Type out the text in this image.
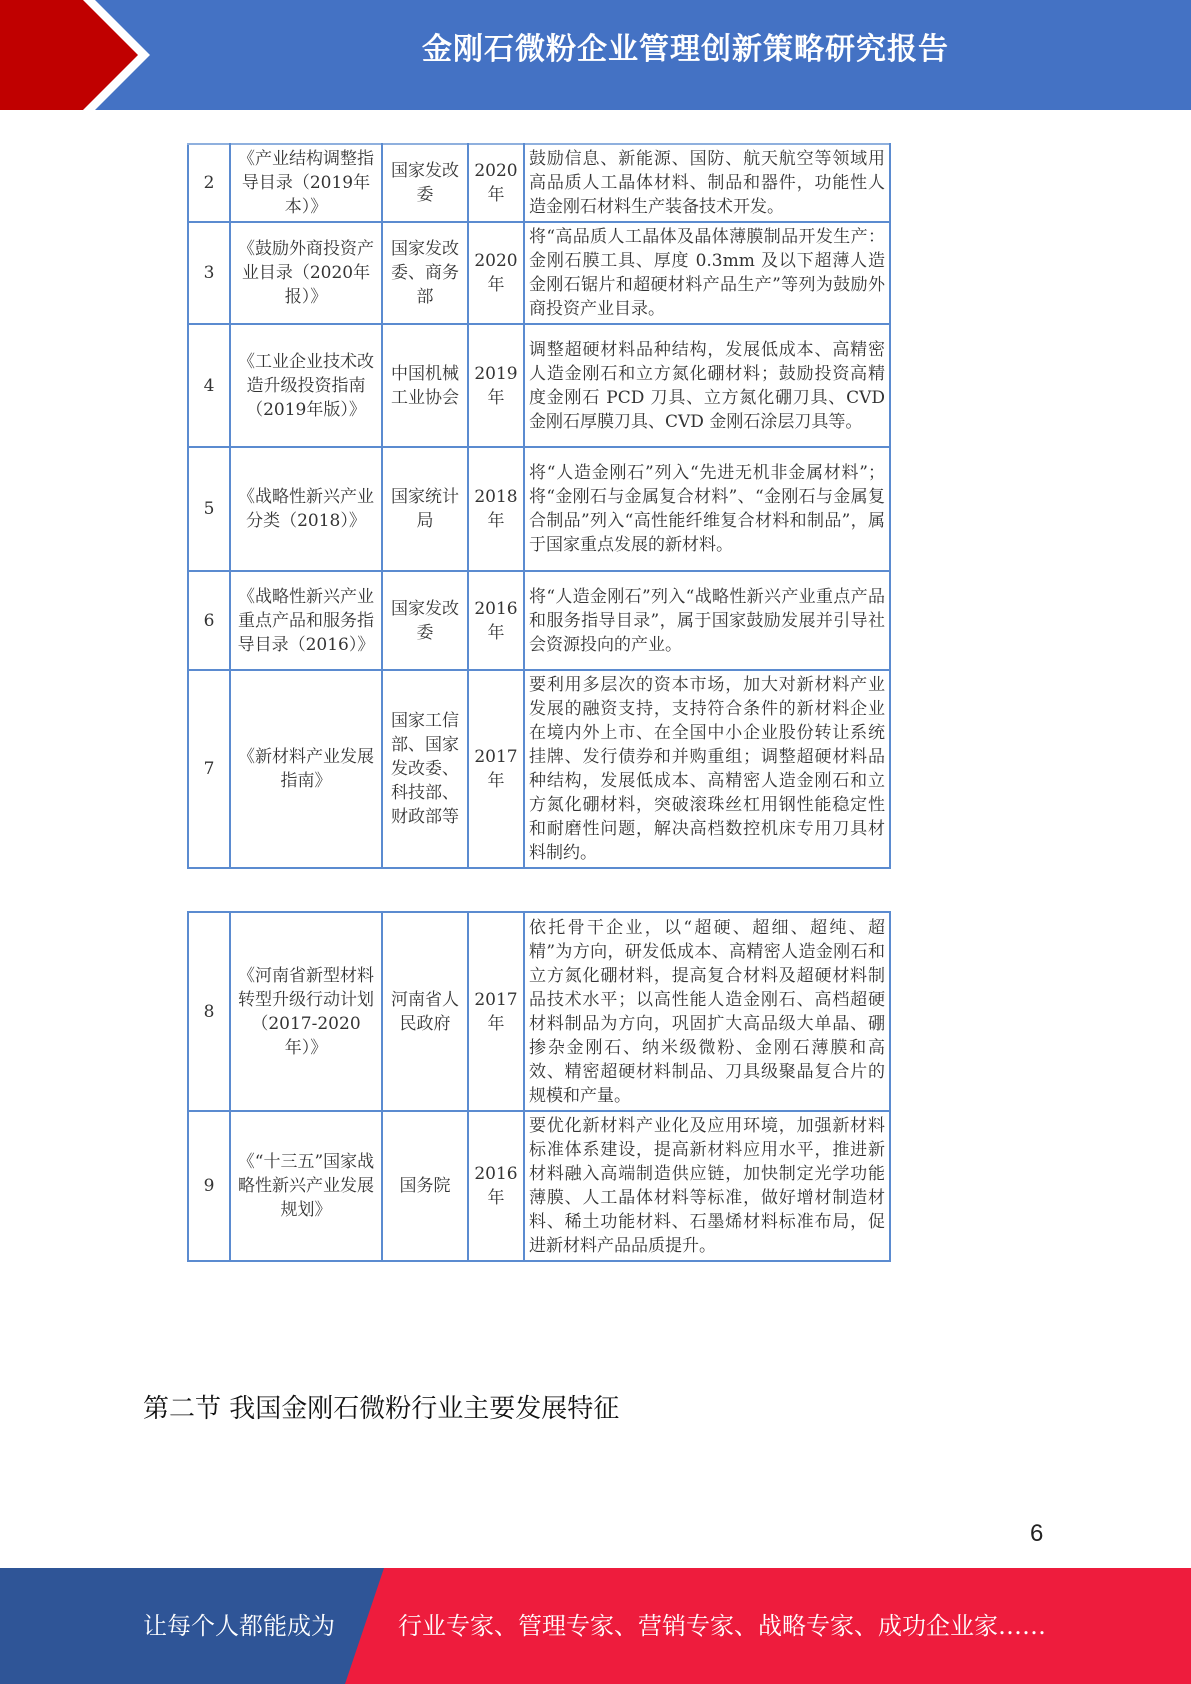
金刚石微粉企业管理创新策略研究报告
2	《产业结构调整指导目录（2019年本）》	国家发改委	2020年	鼓励信息、新能源、国防、航天航空等领域用高品质人工晶体材料、制品和器件，功能性人造金刚石材料生产装备技术开发。
3	《鼓励外商投资产业目录（2020年报）》	国家发改委、商务部	2020年	将“高品质人工晶体及晶体薄膜制品开发生产：金刚石膜工具、厚度 0.3mm 及以下超薄人造金刚石锯片和超硬材料产品生产”等列为鼓励外商投资产业目录。
4	《工业企业技术改造升级投资指南（2019年版）》	中国机械工业协会	2019年	调整超硬材料品种结构，发展低成本、高精密人造金刚石和立方氮化硼材料；鼓励投资高精度金刚石 PCD 刀具、立方氮化硼刀具、CVD 金刚石厚膜刀具、CVD 金刚石涂层刀具等。
5	《战略性新兴产业分类（2018）》	国家统计局	2018年	将“人造金刚石”列入“先进无机非金属材料”；将“金刚石与金属复合材料”、“金刚石与金属复合制品”列入“高性能纤维复合材料和制品”，属于国家重点发展的新材料。
6	《战略性新兴产业重点产品和服务指导目录（2016）》	国家发改委	2016年	将“人造金刚石”列入“战略性新兴产业重点产品和服务指导目录”，属于国家鼓励发展并引导社会资源投向的产业。
7	《新材料产业发展指南》	国家工信部、国家发改委、科技部、财政部等	2017年	要利用多层次的资本市场，加大对新材料产业发展的融资支持，支持符合条件的新材料企业在境内外上市、在全国中小企业股份转让系统挂牌、发行债券和并购重组；调整超硬材料品种结构，发展低成本、高精密人造金刚石和立方氮化硼材料，突破滚珠丝杠用钢性能稳定性和耐磨性问题，解决高档数控机床专用刀具材料制约。
8	《河南省新型材料转型升级行动计划（2017-2020年）》	河南省人民政府	2017年	依托骨干企业，以“超硬、超细、超纯、超精”为方向，研发低成本、高精密人造金刚石和立方氮化硼材料，提高复合材料及超硬材料制品技术水平；以高性能人造金刚石、高档超硬材料制品为方向，巩固扩大高品级大单晶、硼掺杂金刚石、纳米级微粉、金刚石薄膜和高效、精密超硬材料制品、刀具级聚晶复合片的规模和产量。
9	《“十三五”国家战略性新兴产业发展规划》	国务院	2016年	要优化新材料产业化及应用环境，加强新材料标准体系建设，提高新材料应用水平，推进新材料融入高端制造供应链，加快制定光学功能薄膜、人工晶体材料等标准，做好增材制造材料、稀土功能材料、石墨烯材料标准布局，促进新材料产品品质提升。
第二节 我国金刚石微粉行业主要发展特征
6
让每个人都能成为	行业专家、管理专家、营销专家、战略专家、成功企业家……
